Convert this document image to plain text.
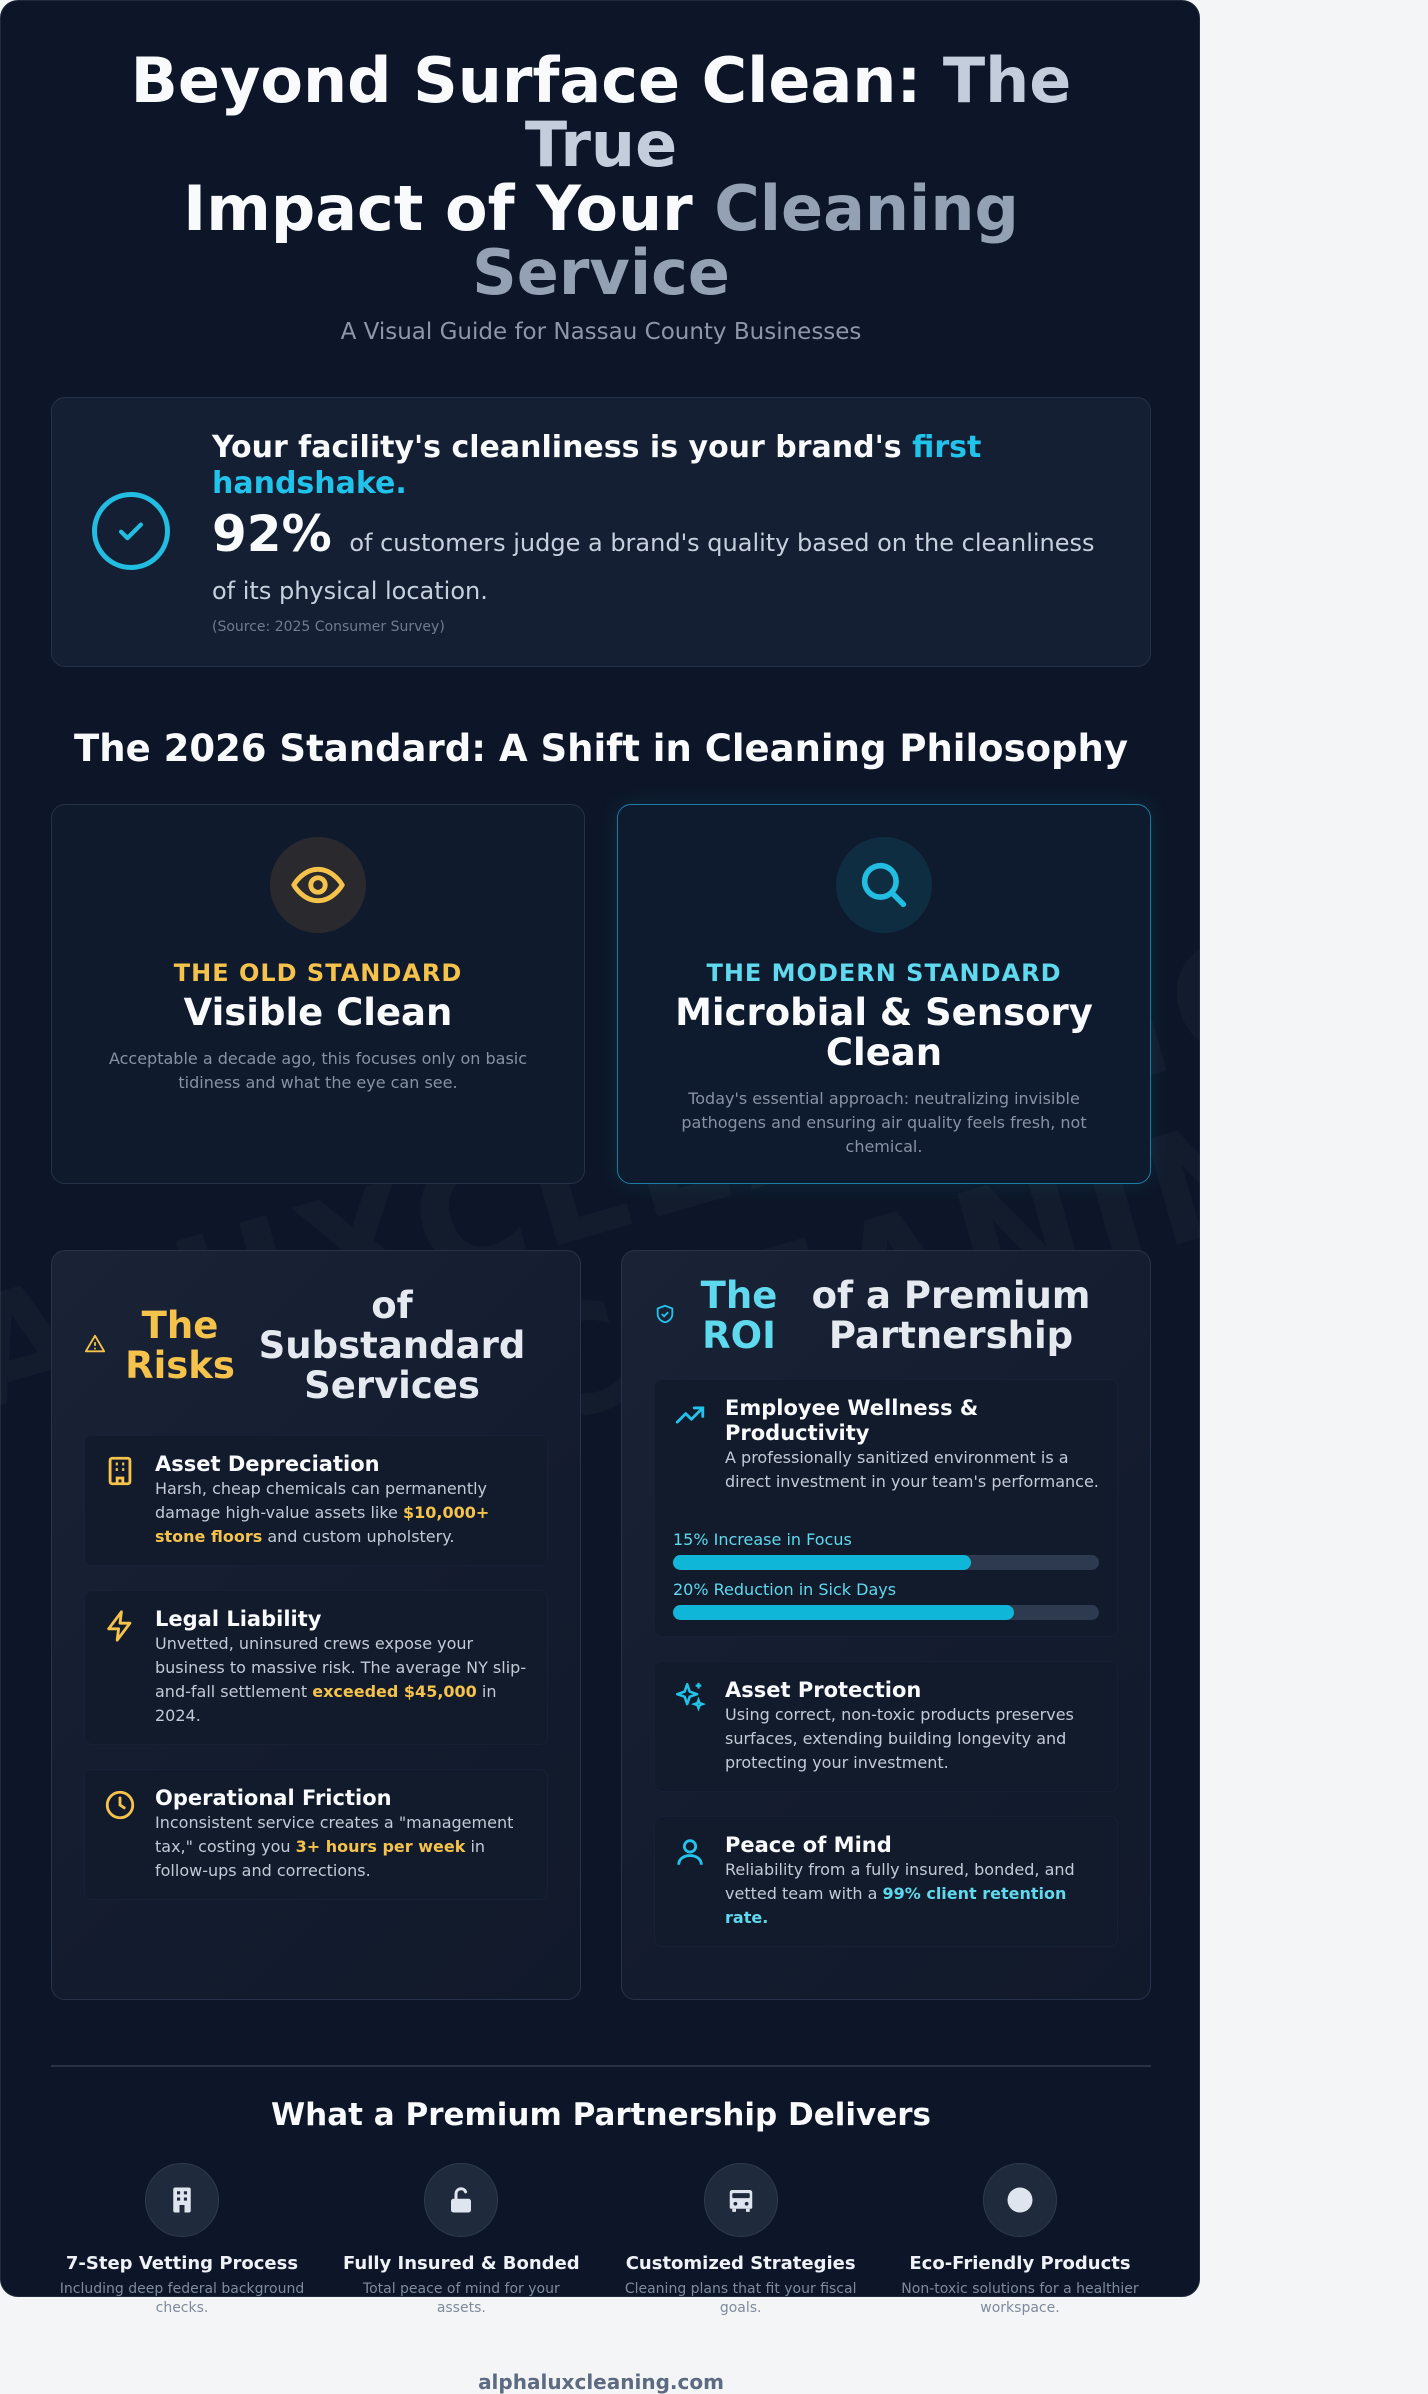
Beyond Surface Clean: The True
Impact of Your Cleaning Service
A Visual Guide for Nassau County Businesses
Your facility's cleanliness is your brand's first handshake.
92% of customers judge a brand's quality based on the cleanliness of its physical location.
(Source: 2025 Consumer Survey)
The 2026 Standard: A Shift in Cleaning Philosophy
THE OLD STANDARD
Visible Clean
Acceptable a decade ago, this focuses only on basic tidiness and what the eye can see.
THE MODERN STANDARD
Microbial & Sensory Clean
Today's essential approach: neutralizing invisible pathogens and ensuring air quality feels fresh, not chemical.
The Risks
of Substandard Services
Asset Depreciation

Harsh, cheap chemicals can permanently damage high-value assets like $10,000+ stone floors and custom upholstery.

Legal Liability

Unvetted, uninsured crews expose your business to massive risk. The average NY slip-and-fall settlement exceeded $45,000 in 2024.

Operational Friction

Inconsistent service creates a "management tax," costing you 3+ hours per week in follow-ups and corrections.

The ROI
of a Premium Partnership
Employee Wellness & Productivity

A professionally sanitized environment is a direct investment in your team's performance.

15% Increase in Focus
20% Reduction in Sick Days
Asset Protection

Using correct, non-toxic products preserves surfaces, extending building longevity and protecting your investment.

Peace of Mind

Reliability from a fully insured, bonded, and vetted team with a 99% client retention rate.

What a Premium Partnership Delivers
7-Step Vetting Process

Including deep federal background checks.

Fully Insured & Bonded

Total peace of mind for your assets.

Customized Strategies

Cleaning plans that fit your fiscal goals.

Eco-Friendly Products

Non-toxic solutions for a healthier workspace.

alphaluxcleaning.com
